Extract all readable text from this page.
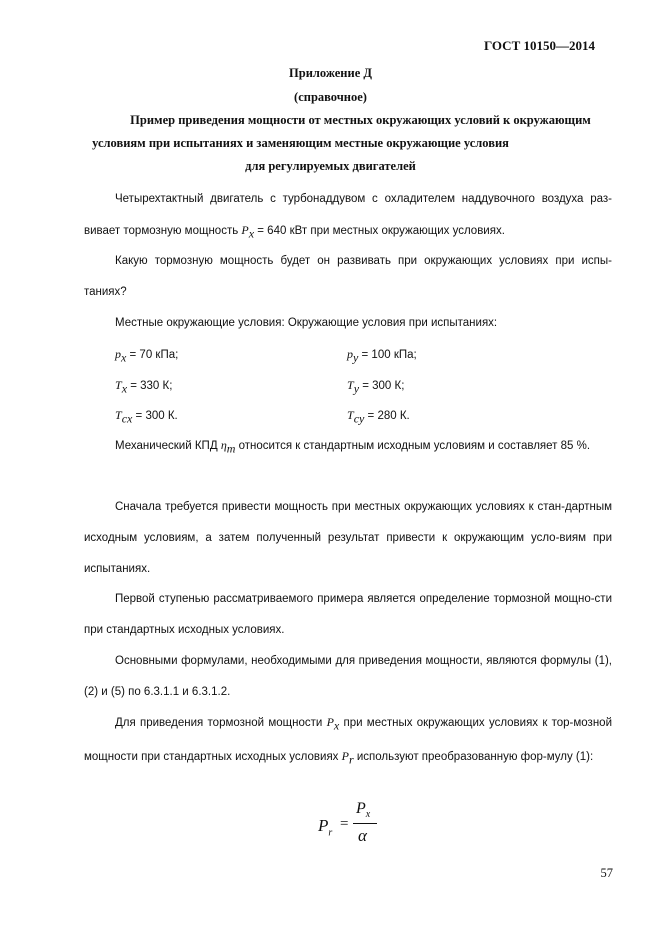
ГОСТ 10150—2014
Приложение Д
(справочное)
Пример приведения мощности от местных окружающих условий к окружающим
условиям при испытаниях и заменяющим местные окружающие условия
для регулируемых двигателей
Четырехтактный двигатель с турбонаддувом с охладителем наддувочного воздуха раз-вивает тормозную мощность $P_x = 640$ кВт при местных окружающих условиях.
Какую тормозную мощность будет он развивать при окружающих условиях при испы-таниях?
Местные окружающие условия: Окружающие условия при испытаниях:
$p_x = 70$ кПа;	$p_y = 100$ кПа;
$T_x = 330$ К;	$T_y = 300$ К;
$T_{cx} = 300$ К.	$T_{cy} = 280$ К.
Механический КПД $\eta_m$ относится к стандартным исходным условиям и составляет 85 %.
Сначала требуется привести мощность при местных окружающих условиях к стан-дартным исходным условиям, а затем полученный результат привести к окружающим усло-виям при испытаниях.
Первой ступенью рассматриваемого примера является определение тормозной мощно-сти при стандартных исходных условиях.
Основными формулами, необходимыми для приведения мощности, являются формулы (1), (2) и (5) по 6.3.1.1 и 6.3.1.2.
Для приведения тормозной мощности $P_x$ при местных окружающих условиях к тор-мозной мощности при стандартных исходных условиях $P_r$ используют преобразованную фор-мулу (1):
$P_r$
=
$P_x$
α
57
